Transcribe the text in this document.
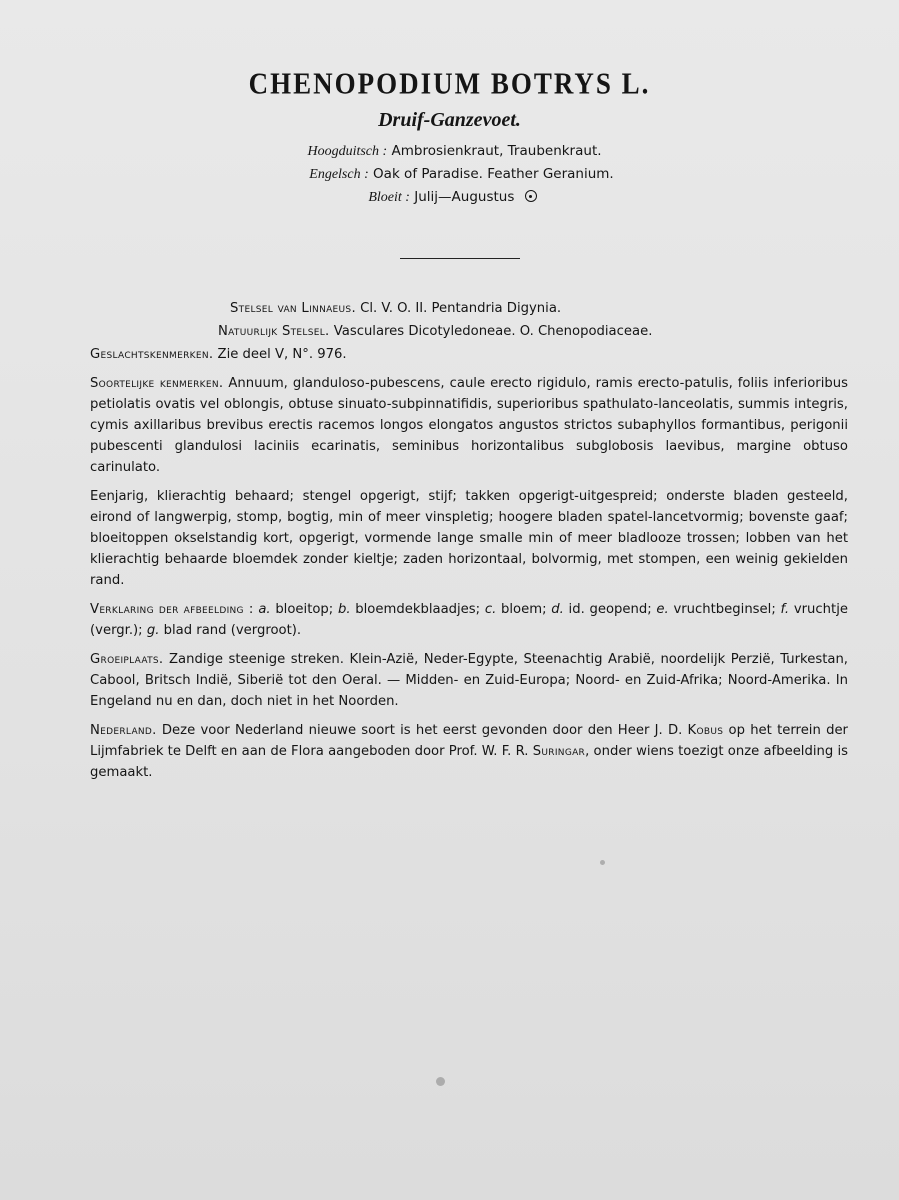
CHENOPODIUM BOTRYS L.
Druif-Ganzevoet.
Hoogduitsch : Ambrosienkraut, Traubenkraut.
Engelsch : Oak of Paradise. Feather Geranium.
Bloeit : Julij—Augustus

Stelsel van Linnaeus. Cl. V. O. II. Pentandria Digynia.

Natuurlijk Stelsel. Vasculares Dicotyledoneae. O. Chenopodiaceae.

Geslachtskenmerken. Zie deel V, N°. 976.

Soortelijke kenmerken. Annuum, glanduloso-pubescens, caule erecto rigidulo, ramis erecto-patulis, foliis inferioribus petiolatis ovatis vel oblongis, obtuse sinuato-subpinnatifidis, superioribus spathulato-lanceolatis, summis integris, cymis axillaribus brevibus erectis racemos longos elongatos angustos strictos subaphyllos formantibus, perigonii pubescenti glandulosi laciniis ecarinatis, seminibus horizontalibus subglobosis laevibus, margine obtuso carinulato.

Eenjarig, klierachtig behaard; stengel opgerigt, stijf; takken opgerigt-uitgespreid; onderste bladen gesteeld, eirond of langwerpig, stomp, bogtig, min of meer vinspletig; hoogere bladen spatel-lancetvormig; bovenste gaaf; bloeitoppen okselstandig kort, opgerigt, vormende lange smalle min of meer bladlooze trossen; lobben van het klierachtig behaarde bloemdek zonder kieltje; zaden horizontaal, bolvormig, met stompen, een weinig gekielden rand.

Verklaring der afbeelding : a. bloeitop; b. bloemdekblaadjes; c. bloem; d. id. geopend; e. vruchtbeginsel; f. vruchtje (vergr.); g. blad rand (vergroot).

Groeiplaats. Zandige steenige streken. Klein-Azië, Neder-Egypte, Steenachtig Arabië, noordelijk Perzië, Turkestan, Cabool, Britsch Indië, Siberië tot den Oeral. — Midden- en Zuid-Europa; Noord- en Zuid-Afrika; Noord-Amerika. In Engeland nu en dan, doch niet in het Noorden.

Nederland. Deze voor Nederland nieuwe soort is het eerst gevonden door den Heer J. D. Kobus op het terrein der Lijmfabriek te Delft en aan de Flora aangeboden door Prof. W. F. R. Suringar, onder wiens toezigt onze afbeelding is gemaakt.
